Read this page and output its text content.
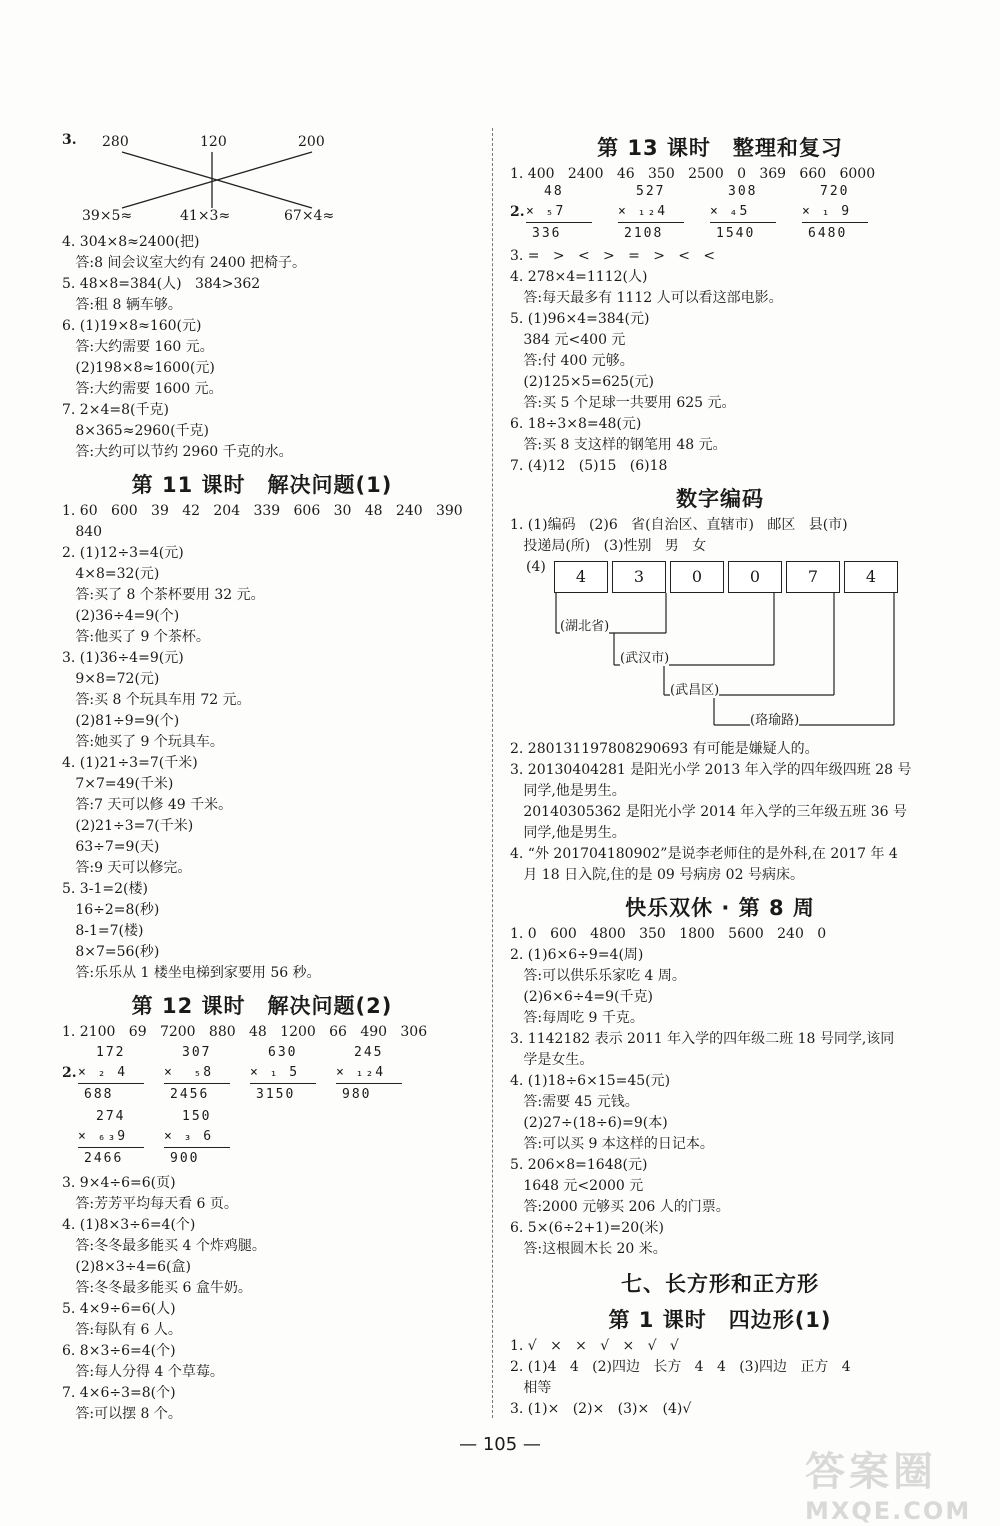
3. 280	120	200
39×5≈	41×3≈	67×4≈
4. 304×8≈2400(把)
答:8 间会议室大约有 2400 把椅子。
5. 48×8=384(人)   384>362
答:租 8 辆车够。
6. (1)19×8≈160(元)
答:大约需要 160 元。
(2)198×8≈1600(元)
答:大约需要 1600 元。
7. 2×4=8(千克)
8×365≈2960(千克)
答:大约可以节约 2960 千克的水。
第 11 课时　解决问题(1)
1. 60   600   39   42   204   339   606   30   48   240   390
840
2. (1)12÷3=4(元)
4×8=32(元)
答:买了 8 个茶杯要用 32 元。
(2)36÷4=9(个)
答:他买了 9 个茶杯。
3. (1)36÷4=9(元)
9×8=72(元)
答:买 8 个玩具车用 72 元。
(2)81÷9=9(个)
答:她买了 9 个玩具车。
4. (1)21÷3=7(千米)
7×7=49(千米)
答:7 天可以修 49 千米。
(2)21÷3=7(千米)
63÷7=9(天)
答:9 天可以修完。
5. 3-1=2(楼)
16÷2=8(秒)
8-1=7(楼)
8×7=56(秒)
答:乐乐从 1 楼坐电梯到家要用 56 秒。
第 12 课时　解决问题(2)
1. 2100   69   7200   880   48   1200   66   490   306
2.
172
× ₂ 4
688
307
×  ₅8
2456
630
× ₁ 5
3150
245
× ₁₂4
980
274
× ₆₃9
2466
150
× ₃ 6
900
3. 9×4÷6=6(页)
答:芳芳平均每天看 6 页。
4. (1)8×3÷6=4(个)
答:冬冬最多能买 4 个炸鸡腿。
(2)8×3÷4=6(盒)
答:冬冬最多能买 6 盒牛奶。
5. 4×9÷6=6(人)
答:每队有 6 人。
6. 8×3÷6=4(个)
答:每人分得 4 个草莓。
7. 4×6÷3=8(个)
答:可以摆 8 个。
第 13 课时　整理和复习
1. 400   2400   46   350   2500   0   369   660   6000
2.
48
× ₅7
336
527
× ₁₂4
2108
308
× ₄5
1540
720
× ₁ 9
6480
3. =   >   <   >   =   >   <   <
4. 278×4=1112(人)
答:每天最多有 1112 人可以看这部电影。
5. (1)96×4=384(元)
384 元<400 元
答:付 400 元够。
(2)125×5=625(元)
答:买 5 个足球一共要用 625 元。
6. 18÷3×8=48(元)
答:买 8 支这样的钢笔用 48 元。
7. (4)12   (5)15   (6)18
数字编码
1. (1)编码   (2)6   省(自治区、直辖市)   邮区   县(市)
投递局(所)   (3)性别   男   女
(4)	4	3	0	0	7	4
(湖北省)
(武汉市)
(武昌区)
(珞瑜路)
2. 280131197808290693 有可能是嫌疑人的。
3. 20130404281 是阳光小学 2013 年入学的四年级四班 28 号
同学,他是男生。
20140305362 是阳光小学 2014 年入学的三年级五班 36 号
同学,他是男生。
4. “外 201704180902”是说李老师住的是外科,在 2017 年 4
月 18 日入院,住的是 09 号病房 02 号病床。
快乐双休 · 第 8 周
1. 0   600   4800   350   1800   5600   240   0
2. (1)6×6÷9=4(周)
答:可以供乐乐家吃 4 周。
(2)6×6÷4=9(千克)
答:每周吃 9 千克。
3. 1142182 表示 2011 年入学的四年级二班 18 号同学,该同
学是女生。
4. (1)18÷6×15=45(元)
答:需要 45 元钱。
(2)27÷(18÷6)=9(本)
答:可以买 9 本这样的日记本。
5. 206×8=1648(元)
1648 元<2000 元
答:2000 元够买 206 人的门票。
6. 5×(6÷2+1)=20(米)
答:这根圆木长 20 米。
七、长方形和正方形
第 1 课时　四边形(1)
1. √   ×   ×   √   ×   √   √
2. (1)4   4   (2)四边   长方   4   4   (3)四边   正方   4
相等
3. (1)×   (2)×   (3)×   (4)√
— 105 —
答案圈
MXQE.COM
